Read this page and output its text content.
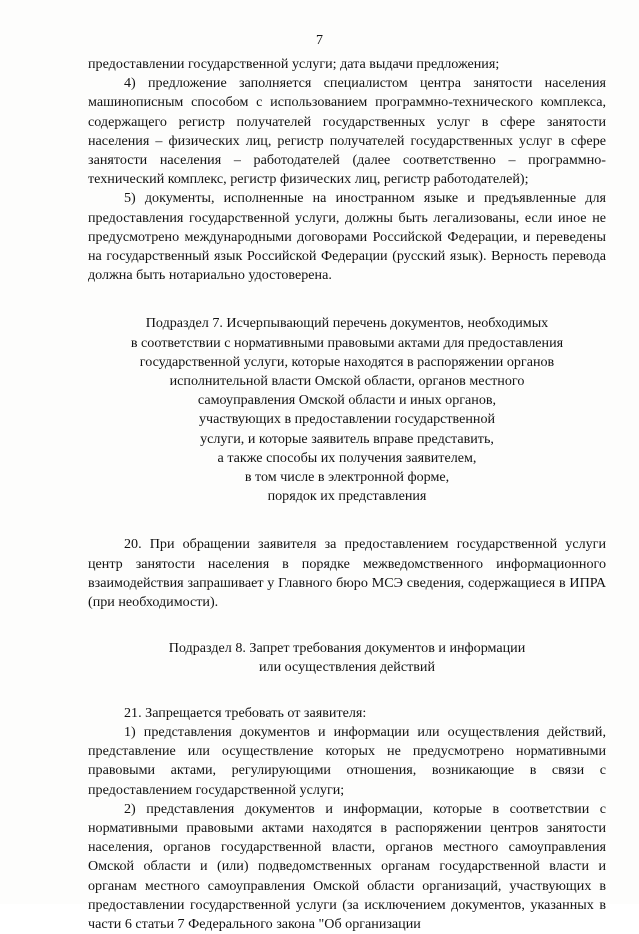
7

предоставлении государственной услуги; дата выдачи предложения;

4) предложение заполняется специалистом центра занятости населения машинописным способом с использованием программно-технического комплекса, содержащего регистр получателей государственных услуг в сфере занятости населения – физических лиц, регистр получателей государственных услуг в сфере занятости населения – работодателей (далее соответственно – программно-технический комплекс, регистр физических лиц, регистр работодателей);

5) документы, исполненные на иностранном языке и предъявленные для предоставления государственной услуги, должны быть легализованы, если иное не предусмотрено международными договорами Российской Федерации, и переведены на государственный язык Российской Федерации (русский язык). Верность перевода должна быть нотариально удостоверена.

Подраздел 7. Исчерпывающий перечень документов, необходимых

в соответствии с нормативными правовыми актами для предоставления

государственной услуги, которые находятся в распоряжении органов

исполнительной власти Омской области, органов местного

самоуправления Омской области и иных органов,

участвующих в предоставлении государственной

услуги, и которые заявитель вправе представить,

а также способы их получения заявителем,

в том числе в электронной форме,

порядок их представления

20. При обращении заявителя за предоставлением государственной услуги центр занятости населения в порядке межведомственного информационного взаимодействия запрашивает у Главного бюро МСЭ сведения, содержащиеся в ИПРА (при необходимости).

Подраздел 8. Запрет требования документов и информации

или осуществления действий

21. Запрещается требовать от заявителя:

1) представления документов и информации или осуществления действий, представление или осуществление которых не предусмотрено нормативными правовыми актами, регулирующими отношения, возникающие в связи с предоставлением государственной услуги;

2) представления документов и информации, которые в соответствии с нормативными правовыми актами находятся в распоряжении центров занятости населения, органов государственной власти, органов местного самоуправления Омской области и (или) подведомственных органам государственной власти и органам местного самоуправления Омской области организаций, участвующих в предоставлении государственной услуги (за исключением документов, указанных в части 6 статьи 7 Федерального закона "Об организации
